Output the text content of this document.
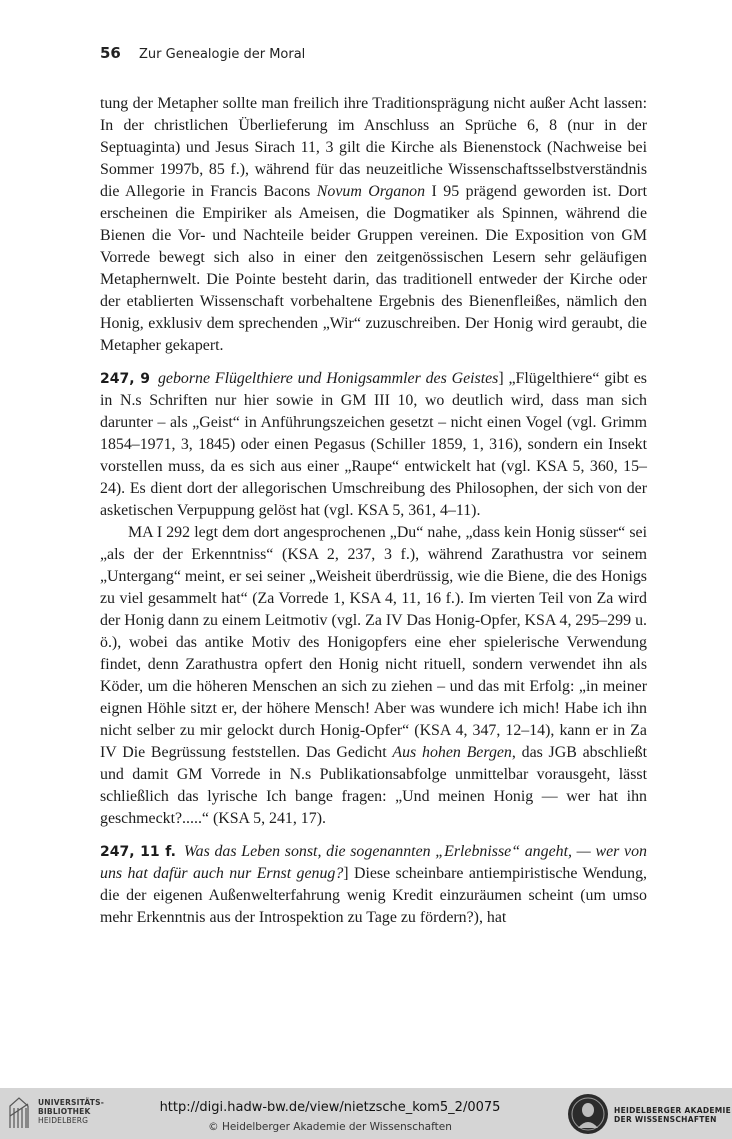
56 Zur Genealogie der Moral

tung der Metapher sollte man freilich ihre Traditionsprägung nicht außer Acht lassen: In der christlichen Überlieferung im Anschluss an Sprüche 6, 8 (nur in der Septuaginta) und Jesus Sirach 11, 3 gilt die Kirche als Bienenstock (Nachweise bei Sommer 1997b, 85 f.), während für das neuzeitliche Wissenschaftsselbstverständnis die Allegorie in Francis Bacons Novum Organon I 95 prägend geworden ist. Dort erscheinen die Empiriker als Ameisen, die Dogmatiker als Spinnen, während die Bienen die Vor- und Nachteile beider Gruppen vereinen. Die Exposition von GM Vorrede bewegt sich also in einer den zeitgenössischen Lesern sehr geläufigen Metaphernwelt. Die Pointe besteht darin, das traditionell entweder der Kirche oder der etablierten Wissenschaft vorbehaltene Ergebnis des Bienenfleißes, nämlich den Honig, exklusiv dem sprechenden „Wir“ zuzuschreiben. Der Honig wird geraubt, die Metapher gekapert.

247, 9  geborne Flügelthiere und Honigsammler des Geistes] „Flügelthiere“ gibt es in N.s Schriften nur hier sowie in GM III 10, wo deutlich wird, dass man sich darunter – als „Geist“ in Anführungszeichen gesetzt – nicht einen Vogel (vgl. Grimm 1854–1971, 3, 1845) oder einen Pegasus (Schiller 1859, 1, 316), sondern ein Insekt vorstellen muss, da es sich aus einer „Raupe“ entwickelt hat (vgl. KSA 5, 360, 15–24). Es dient dort der allegorischen Umschreibung des Philosophen, der sich von der asketischen Verpuppung gelöst hat (vgl. KSA 5, 361, 4–11).

MA I 292 legt dem dort angesprochenen „Du“ nahe, „dass kein Honig süsser“ sei „als der der Erkenntniss“ (KSA 2, 237, 3 f.), während Zarathustra vor seinem „Untergang“ meint, er sei seiner „Weisheit überdrüssig, wie die Biene, die des Honigs zu viel gesammelt hat“ (Za Vorrede 1, KSA 4, 11, 16 f.). Im vierten Teil von Za wird der Honig dann zu einem Leitmotiv (vgl. Za IV Das Honig-Opfer, KSA 4, 295–299 u. ö.), wobei das antike Motiv des Honigopfers eine eher spielerische Verwendung findet, denn Zarathustra opfert den Honig nicht rituell, sondern verwendet ihn als Köder, um die höheren Menschen an sich zu ziehen – und das mit Erfolg: „in meiner eignen Höhle sitzt er, der höhere Mensch! Aber was wundere ich mich! Habe ich ihn nicht selber zu mir gelockt durch Honig-Opfer“ (KSA 4, 347, 12–14), kann er in Za IV Die Begrüssung feststellen. Das Gedicht Aus hohen Bergen, das JGB abschließt und damit GM Vorrede in N.s Publikationsabfolge unmittelbar vorausgeht, lässt schließlich das lyrische Ich bange fragen: „Und meinen Honig — wer hat ihn geschmeckt?.....“ (KSA 5, 241, 17).

247, 11 f.  Was das Leben sonst, die sogenannten „Erlebnisse“ angeht, — wer von uns hat dafür auch nur Ernst genug?] Diese scheinbare antiempiristische Wendung, die der eigenen Außenwelterfahrung wenig Kredit einzuräumen scheint (um umso mehr Erkenntnis aus der Introspektion zu Tage zu fördern?), hat

UNIVERSITÄTS-
BIBLIOTHEK
HEIDELBERG
http://digi.hadw-bw.de/view/nietzsche_kom5_2/0075
© Heidelberger Akademie der Wissenschaften
HEIDELBERGER AKADEMIE
DER WISSENSCHAFTEN
